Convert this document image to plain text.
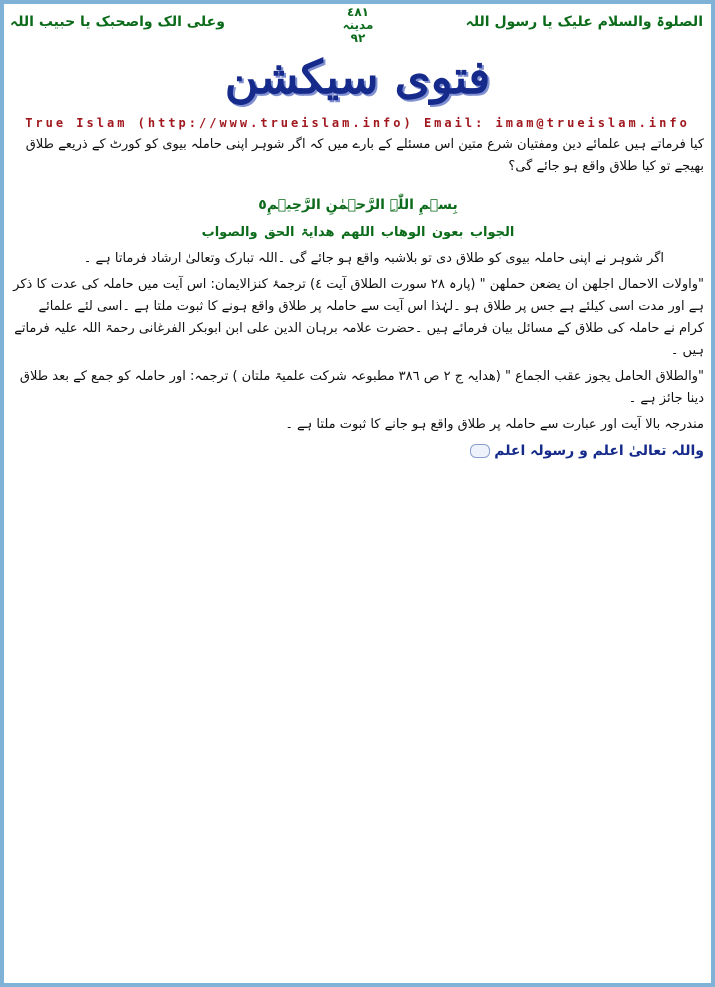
الصلوۃ والسلام علیک یا رسول اللہ
٤٨١
مدینہ
٩٢
وعلی الک واصحبک یا حبیب اللہ
فتوی سیکشن
True Islam (http://www.trueislam.info) Email: imam@trueislam.info

کیا فرماتے ہیں علمائے دین ومفتیان شرع متین اس مسئلے کے بارے میں کہ اگر شوہر اپنی حاملہ بیوی کو کورٹ کے ذریعے طلاق بھیجے تو کیا طلاق واقع ہو جائے گی؟

بِسۡمِ اللّٰہِ الرَّحۡمٰنِ الرَّحِیۡمِ٥

الجواب بعون الوھاب اللھم ھدایۃ الحق والصواب

اگر شوہر نے اپنی حاملہ بیوی کو طلاق دی تو بلاشبہ واقع ہو جائے گی ۔اللہ تبارک وتعالیٰ ارشاد فرماتا ہے ۔

"واولات الاحمال اجلھن ان یضعن حملھن " (پارہ ٢٨ سورت الطلاق آیت ٤) ترجمۂ کنزالایمان: اس آیت میں حاملہ کی عدت کا ذکر ہے اور مدت اسی کیلئے ہے جس پر طلاق ہو ۔لہٰذا اس آیت سے حاملہ پر طلاق واقع ہونے کا ثبوت ملتا ہے ۔اسی لئے علمائے کرام نے حاملہ کی طلاق کے مسائل بیان فرمائے ہیں ۔حضرت علامہ برہان الدین علی ابن ابوبکر الفرغانی رحمۃ اللہ علیہ فرماتے ہیں ۔

"والطلاق الحامل یجوز عقب الجماع " (ھدایہ ج ٢ ص ٣٨٦ مطبوعہ شرکت علمیۃ ملتان ) ترجمہ: اور حاملہ کو جمع کے بعد طلاق دینا جائز ہے ۔

مندرجہ بالا آیت اور عبارت سے حاملہ پر طلاق واقع ہو جانے کا ثبوت ملتا ہے ۔

واللہ تعالیٰ اعلم و رسولہ اعلم
